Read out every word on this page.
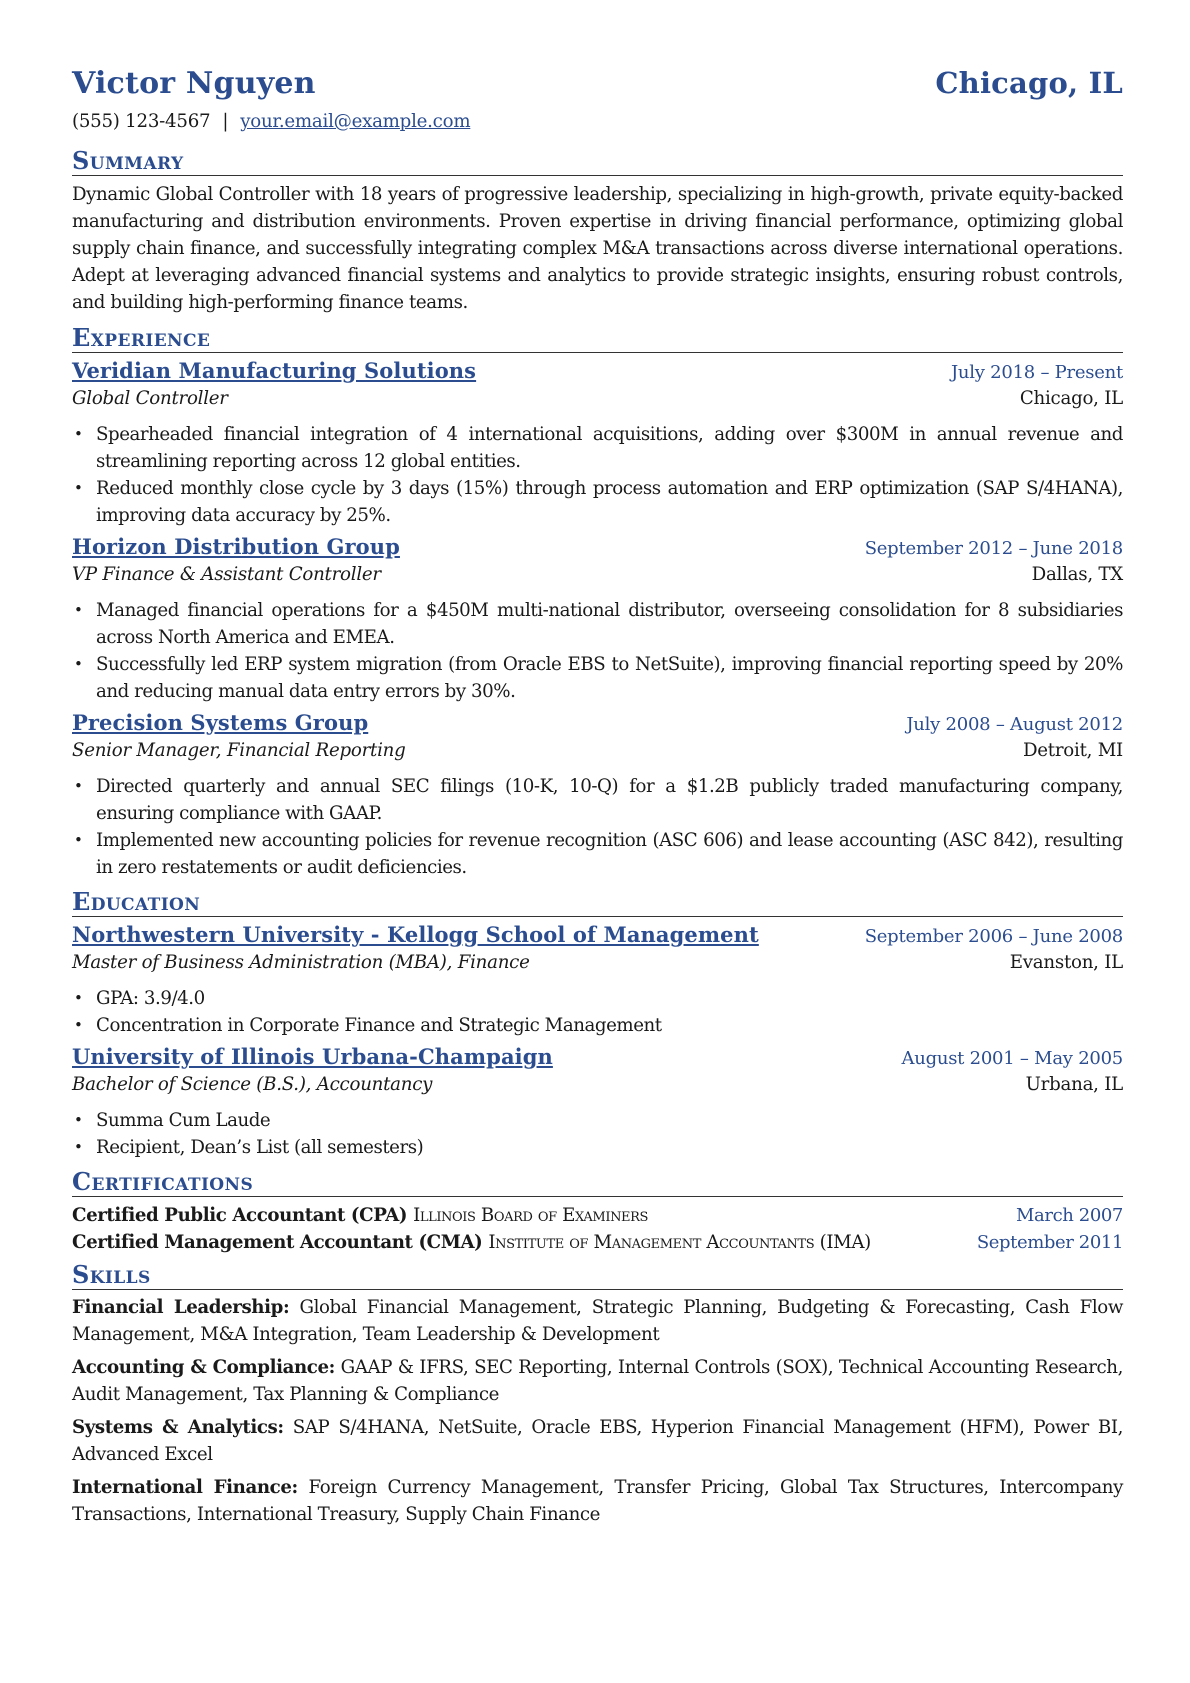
Victor Nguyen	Chicago, IL
(555) 123-4567 | your.email@example.com
Summary

Dynamic Global Controller with 18 years of progressive leadership, specializing in high-growth, private equity-backed manufacturing and distribution environments. Proven expertise in driving financial performance, optimizing global supply chain finance, and successfully integrating complex M&A transactions across diverse international operations. Adept at leveraging advanced financial systems and analytics to provide strategic insights, ensuring robust controls, and building high-performing finance teams.

Experience
Veridian Manufacturing Solutions	July 2018 – Present
Global Controller	Chicago, IL
• Spearheaded financial integration of 4 international acquisitions, adding over $300M in annual revenue and streamlining reporting across 12 global entities.
• Reduced monthly close cycle by 3 days (15%) through process automation and ERP optimization (SAP S/4HANA), improving data accuracy by 25%.
Horizon Distribution Group	September 2012 – June 2018
VP Finance & Assistant Controller	Dallas, TX
• Managed financial operations for a $450M multi-national distributor, overseeing consolidation for 8 subsidiaries across North America and EMEA.
• Successfully led ERP system migration (from Oracle EBS to NetSuite), improving financial reporting speed by 20% and reducing manual data entry errors by 30%.
Precision Systems Group	July 2008 – August 2012
Senior Manager, Financial Reporting	Detroit, MI
• Directed quarterly and annual SEC filings (10-K, 10-Q) for a $1.2B publicly traded manufacturing company, ensuring compliance with GAAP.
• Implemented new accounting policies for revenue recognition (ASC 606) and lease accounting (ASC 842), resulting in zero restatements or audit deficiencies.
Education
Northwestern University - Kellogg School of Management	September 2006 – June 2008
Master of Business Administration (MBA), Finance	Evanston, IL
• GPA: 3.9/4.0
• Concentration in Corporate Finance and Strategic Management
University of Illinois Urbana-Champaign	August 2001 – May 2005
Bachelor of Science (B.S.), Accountancy	Urbana, IL
• Summa Cum Laude
• Recipient, Dean’s List (all semesters)
Certifications
Certified Public Accountant (CPA) Illinois Board of Examiners	March 2007
Certified Management Accountant (CMA) Institute of Management Accountants (IMA)	September 2011
Skills
Financial Leadership: Global Financial Management, Strategic Planning, Budgeting & Forecasting, Cash Flow Management, M&A Integration, Team Leadership & Development
Accounting & Compliance: GAAP & IFRS, SEC Reporting, Internal Controls (SOX), Technical Accounting Research, Audit Management, Tax Planning & Compliance
Systems & Analytics: SAP S/4HANA, NetSuite, Oracle EBS, Hyperion Financial Management (HFM), Power BI, Advanced Excel
International Finance: Foreign Currency Management, Transfer Pricing, Global Tax Structures, Intercompany Transactions, International Treasury, Supply Chain Finance
